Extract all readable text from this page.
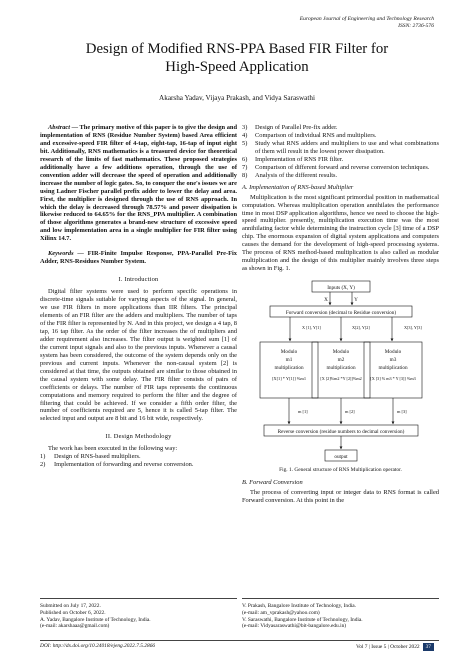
European Journal of Engineering and Technology Research
ISSN: 2736-576
Design of Modified RNS-PPA Based FIR Filter for
High-Speed Application
Akarsha Yadav, Vijaya Prakash, and Vidya Saraswathi

Abstract — The primary motive of this paper is to give the design and implementation of RNS (Residue Number System) based Area efficient and excessive-speed FIR filter of 4-tap, eight-tap, 16-tap of input eight bit. Additionally, RNS mathematics is a treasured device for theoretical research of the limits of fast mathematics. These proposed strategies additionally have a few additions operation, through the use of convention adder will decrease the speed of operation and additionally increase the number of logic gates. So, to conquer the one's issues we are using Ladner Fischer parallel prefix adder to lower the delay and area. First, the multiplier is designed through the use of RNS approach. In which the delay is decreased through 78.57% and power dissipation is likewise reduced to 64.65% for the RNS_PPA multiplier. A combination of those algorithms generates a brand-new structure of excessive speed and low implementation area in a single multiplier for FIR filter using Xilinx 14.7.

Keywords — FIR-Finite Impulse Response, PPA-Parallel Pre-Fix Adder, RNS-Residues Number System.

I. Introduction

Digital filter systems were used to perform specific operations in discrete-time signals suitable for varying aspects of the signal. In general, we use FIR filters in more applications than IIR filters. The principal elements of an FIR filter are the adders and multipliers. The number of taps of the FIR filter is represented by N. And in this project, we design a 4 tap, 8 tap, 16 tap filter. As the order of the filter increases the of multipliers and adder requirement also increases. The filter output is weighted sum [1] of the current input signals and also to the previous inputs. Whenever a causal system has been considered, the outcome of the system depends only on the previous and current inputs. Whenever the non-causal system [2] is considered at that time, the outputs obtained are similar to those obtained in the causal system with some delay. The FIR filter consists of pairs of coefficients or delays. The number of FIR taps represents the continuous computations and memory required to perform the filter and the degree of filtering that could be achieved. If we consider a fifth order filter, the number of coefficients required are 5, hence it is called 5-tap filter. The selected input and output are 8 bit and 16 bit wide, respectively.

II. Design Methodology

The work has been executed in the following way:

1)	Design of RNS-based multipliers.
2)	Implementation of forwarding and reverse conversion.
3)	Design of Parallel Pre-fix adder.
4)	Comparison of individual RNS and multipliers.
5)	Study what RNS adders and multipliers to use and what combinations of them will result in the lowest power dissipation.
6)	Implementation of RNS FIR filter.
7)	Comparison of different forward and reverse conversion techniques.
8)	Analysis of the different results.
A. Implementation of RNS-based Multiplier

Multiplication is the most significant primordial position in mathematical computation. Whereas multiplication operation annihilates the performance time in most DSP application algorithms, hence we need to choose the high-speed multiplier. presently, multiplication execution time was the most annihilating factor while determining the instruction cycle [3] time of a DSP chip. The enormous expansion of digital system applications and computers causes the demand for the development of high-speed processing systems. The process of RNS method-based multiplication is also called as modular multiplication and the design of this multiplier mainly involves three steps as shown in Fig. 1.

Inputs (X, Y)
X	Y
Forward conversion (decimal to Residue conversion)
X [1], Y[1]	X[2], Y[2]	X[3], Y[3]
Modulo
m1
multiplication
[X[1] * Y[1]] %m1
Modulo
m2
multiplication
[X [2]%m2 *Y [2]]%m2
Modulo
m3
multiplication
[X [3] % m3 * Y [3]] %m3
m [1]	m [2]	m [3]
Reverse conversion (residue numbers to decimal conversion)
output
Fig. 1. General structure of RNS Multiplication operator.
B. Forward Conversion

The process of converting input or integer data to RNS format is called Forward conversion. At this point in the

Submitted on July 17, 2022.
Published on October 6, 2022.
A. Yadav, Bangalore Institute of Technology, India.
(e-mail: akarshaaa@gmail.com)
V. Prakash, Bangalore Institute of Technology, India.
(e-mail: am_vprakash@yahoo.com)
V. Saraswathi, Bangalore Institute of Technology, India.
(e-mail: Vidyasaraswathi@bit-bangalore.edu.in)
DOI: http://dx.doi.org/10.24018/ejeng.2022.7.5.2866	Vol 7 | Issue 5 | October 2022	37
